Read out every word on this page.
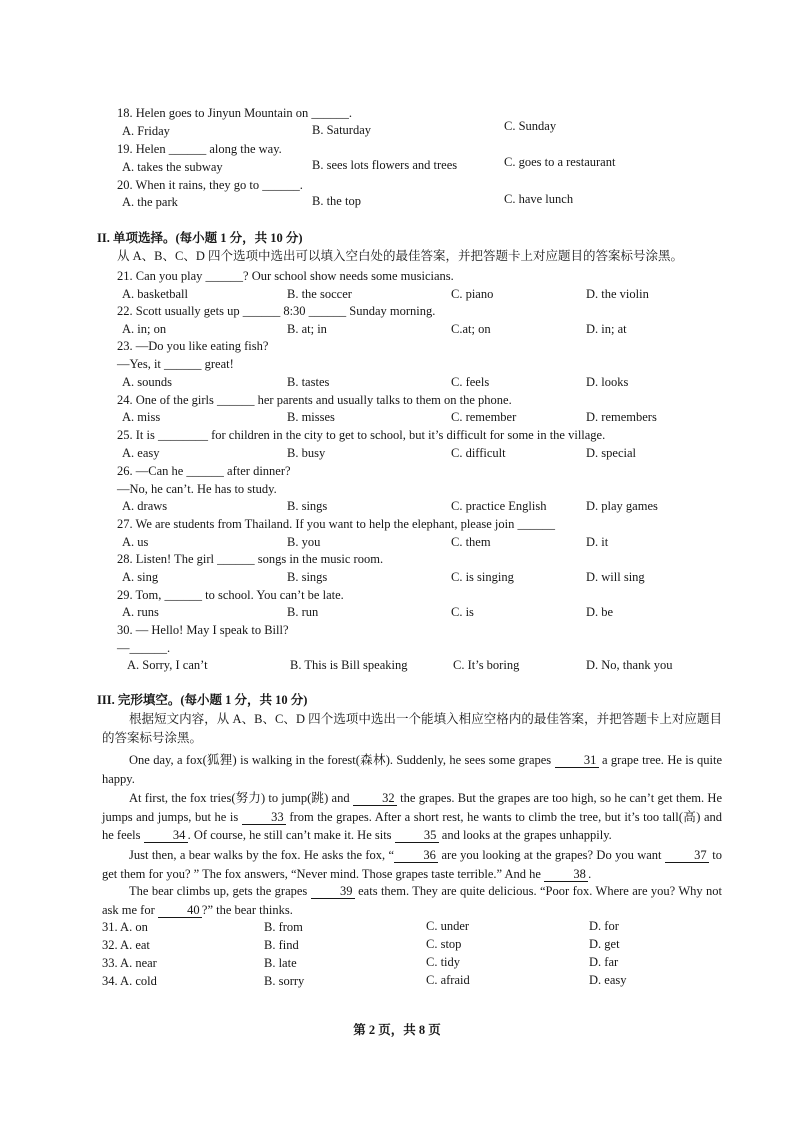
18. Helen goes to Jinyun Mountain on ______.
A. Friday	B. Saturday	C. Sunday
19. Helen ______ along the way.
A. takes the subway	B. sees lots flowers and trees	C. goes to a restaurant
20. When it rains, they go to ______.
A. the park	B. the top	C. have lunch
II. 单项选择。(每小题 1 分，共 10 分)
从 A、B、C、D 四个选项中选出可以填入空白处的最佳答案，并把答题卡上对应题目的答案标号涂黑。
21. Can you play ______? Our school show needs some musicians.
A. basketball	B. the soccer	C. piano	D. the violin
22. Scott usually gets up ______ 8:30 ______ Sunday morning.
A. in; on	B. at; in	C.at; on	D. in; at
23. —Do you like eating fish?
—Yes, it ______ great!
A. sounds	B. tastes	C. feels	D. looks
24. One of the girls ______ her parents and usually talks to them on the phone.
A. miss	B. misses	C. remember	D. remembers
25. It is ________ for children in the city to get to school, but it’s difficult for some in the village.
A. easy	B. busy	C. difficult	D. special
26. —Can he ______ after dinner?
—No, he can’t. He has to study.
A. draws	B. sings	C. practice English	D. play games
27. We are students from Thailand. If you want to help the elephant, please join ______
A. us	B. you	C. them	D. it
28. Listen! The girl ______ songs in the music room.
A. sing	B. sings	C. is singing	D. will sing
29. Tom, ______ to school. You can’t be late.
A. runs	B. run	C. is	D. be
30. — Hello! May I speak to Bill?
—______.
A. Sorry, I can’t	B. This is Bill speaking	C. It’s boring	D. No, thank you
III. 完形填空。(每小题 1 分，共 10 分)
根据短文内容，从 A、B、C、D 四个选项中选出一个能填入相应空格内的最佳答案，并把答题卡上对应题目的答案标号涂黑。
One day, a fox(狐狸) is walking in the forest(森林). Suddenly, he sees some grapes	31 a grape tree. He is quite happy.
At first, the fox tries(努力) to jump(跳) and	32 the grapes. But the grapes are too high, so he can’t get them. He jumps and jumps, but he is	33 from the grapes. After a short rest, he wants to climb the tree, but it’s too tall(高) and he feels	34 . Of course, he still can’t make it. He sits	35 and looks at the grapes unhappily.
Just then, a bear walks by the fox. He asks the fox, “ 36 are you looking at the grapes? Do you want	37 to get them for you? ” The fox answers, “Never mind. Those grapes taste terrible.” And he	38 .
The bear climbs up, gets the grapes	39 eats them. They are quite delicious. “Poor fox. Where are you? Why not ask me for	40 ?” the bear thinks.
31. A. on	B. from	C. under	D. for
32. A. eat	B. find	C. stop	D. get
33. A. near	B. late	C. tidy	D. far
34. A. cold	B. sorry	C. afraid	D. easy
第 2 页，共 8 页
